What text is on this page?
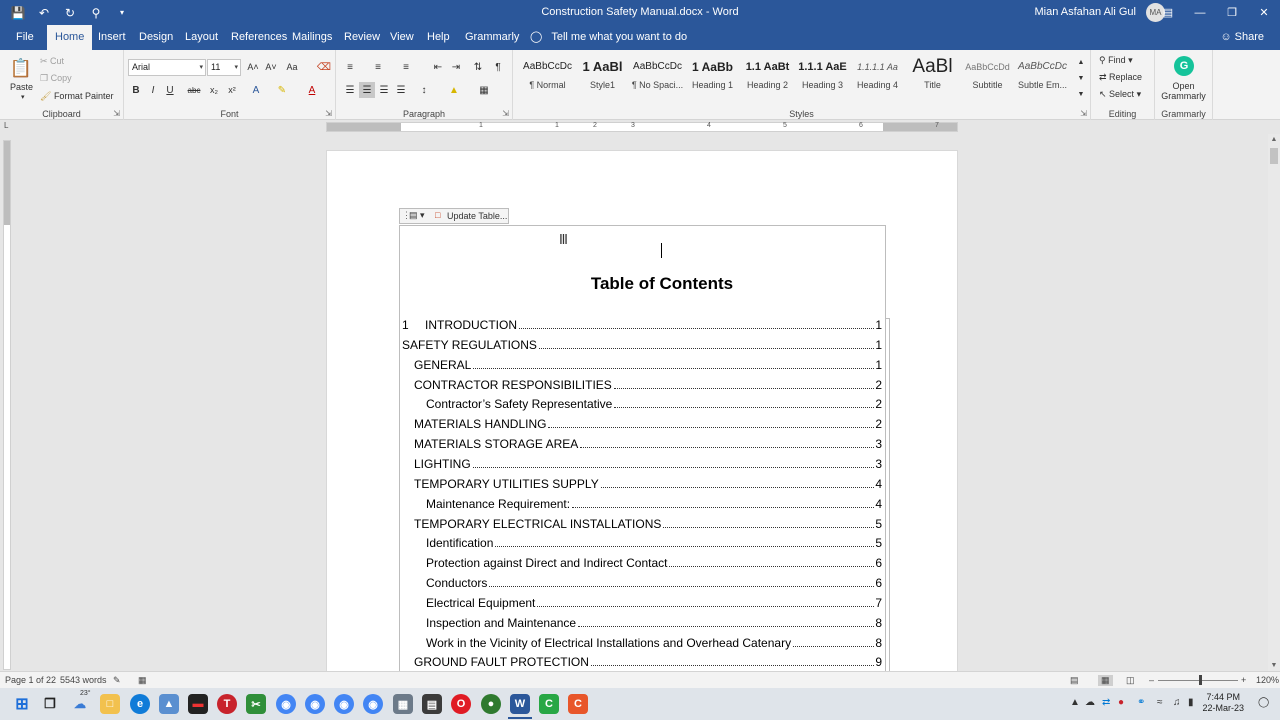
💾	↶	↻	⚲	▾	Construction Safety Manual.docx - Word	Mian Asfahan Ali Gul	MA ▤	—	❐	✕
File	Home	Insert	Design	Layout	References Mailings	Review View	Help	Grammarly ◯ Tell me what you want to do	☺ Share
📋
Paste
▾
✂ Cut
❐ Copy
🖌 Format Painter
Clipboard	⇲
Arial	▾ 11 ▾ A˄ A˅ Aa ⌫
B	I	U	abc	x₂	x²	A	✎	A
Font	⇲
≡	≡	≡	⇤ ⇥	⇅	¶
☰ ☰ ☰ ☰	↕	▲	▦
Paragraph	⇲
AaBbCcDc
¶ Normal
1 AaBl
Style1
AaBbCcDc
¶ No Spaci...
1 AaBb
Heading 1
1.1 AaBt
Heading 2
1.1.1 AaE
Heading 3
1.1.1.1 Aa
Heading 4
AaBl
Title
AaBbCcDd
Subtitle
AaBbCcDc
Subtle Em...
▲
▼
▼
Styles	⇲
⚲ Find ▾
⇄ Replace
↖ Select ▾
Editing
G
Open
Grammarly
Grammarly
L	1	1	2	3	4	5	6	7
▲
▼
⋮
▤ ▾ □ Update Table...
Ⅲ
Table of Contents
1	INTRODUCTION	1
SAFETY REGULATIONS	1
GENERAL	1
CONTRACTOR RESPONSIBILITIES	2
Contractor’s Safety Representative	2
MATERIALS HANDLING	2
MATERIALS STORAGE AREA	3
LIGHTING	3
TEMPORARY UTILITIES SUPPLY	4
Maintenance Requirement:	4
TEMPORARY ELECTRICAL INSTALLATIONS	5
Identification	5
Protection against Direct and Indirect Contact	6
Conductors	6
Electrical Equipment	7
Inspection and Maintenance	8
Work in the Vicinity of Electrical Installations and Overhead Catenary	8
GROUND FAULT PROTECTION	9
Page 1 of 22 5543 words ✎ ▦	▤	▦	◫ –	+ 120%
⊞	❐	☁
23°
□	e	▲	▬	T	✂	◉	◉	◉	◉	▦	▤	O	●	W	C	C	▲ ☁ ⇄ ● ⚭ ≈ ♫ ▮	7:44 PM
22-Mar-23 ◯
